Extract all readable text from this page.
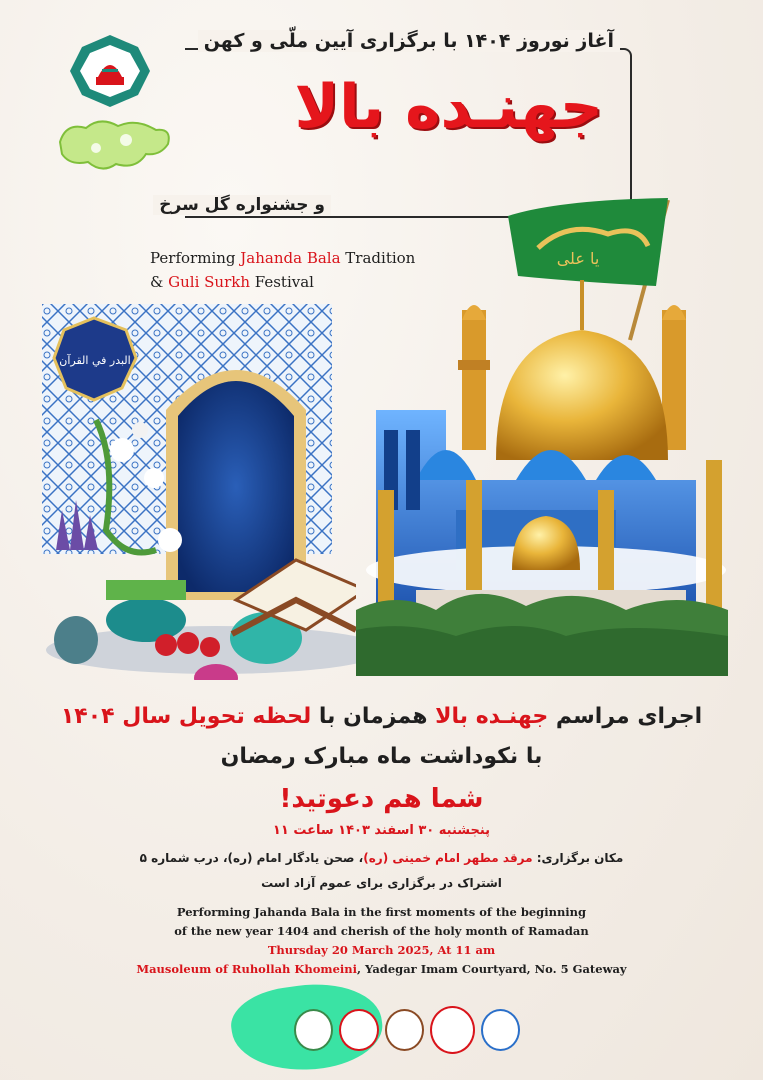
آغاز نوروز ۱۴۰۴ با برگزاری آیین ملّی و کهن
جهنـده بالا
و جشنواره گل سرخ
Performing Jahanda Bala Tradition
& Guli Surkh Festival
یا علی
البدر في القرآن
اجرای مراسم جهنـده بالا همزمان با لحظه تحویل سال ۱۴۰۴
با نکوداشت ماه مبارک رمضان
شما هم دعوتید!
پنجشنبه ۳۰ اسفند ۱۴۰۳ ساعت ۱۱
مکان برگزاری: مرقد مطهر امام خمینی (ره)، صحن یادگار امام (ره)، درب شماره ۵
اشتراک در برگزاری برای عموم آزاد است
Performing Jahanda Bala in the first moments of the beginning
of the new year 1404 and cherish of the holy month of Ramadan
Thursday 20 March 2025, At 11 am
Mausoleum of Ruhollah Khomeini, Yadegar Imam Courtyard, No. 5 Gateway
